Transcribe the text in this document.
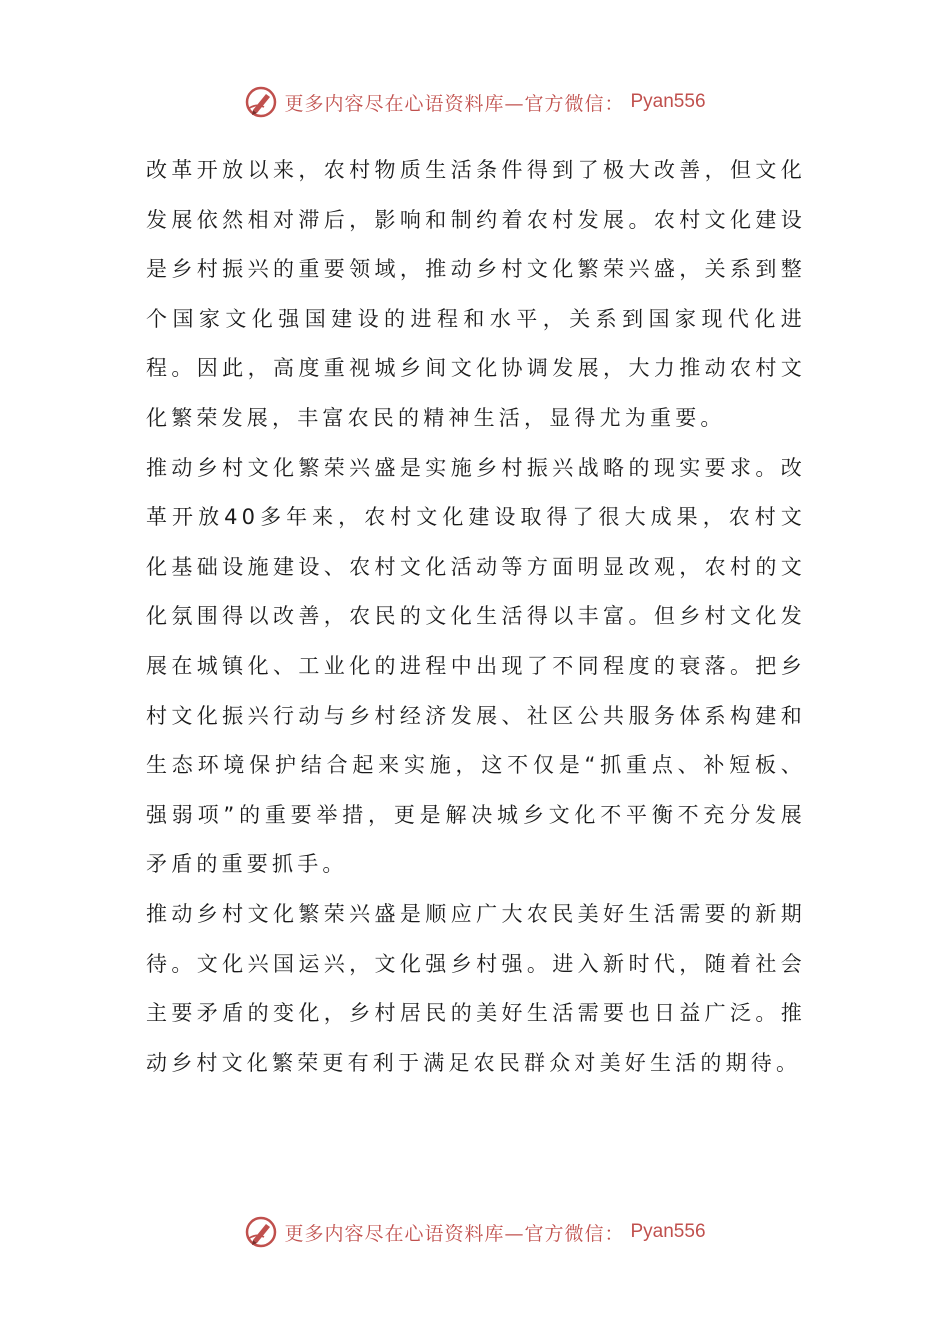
更多内容尽在心语资料库—官方微信： Pyan556

改革开放以来，农村物质生活条件得到了极大改善，但文化发展依然相对滞后，影响和制约着农村发展。农村文化建设是乡村振兴的重要领域，推动乡村文化繁荣兴盛，关系到整个国家文化强国建设的进程和水平，关系到国家现代化进程。因此，高度重视城乡间文化协调发展，大力推动农村文化繁荣发展，丰富农民的精神生活，显得尤为重要。

推动乡村文化繁荣兴盛是实施乡村振兴战略的现实要求。改革开放40多年来，农村文化建设取得了很大成果，农村文化基础设施建设、农村文化活动等方面明显改观，农村的文化氛围得以改善，农民的文化生活得以丰富。但乡村文化发展在城镇化、工业化的进程中出现了不同程度的衰落。把乡村文化振兴行动与乡村经济发展、社区公共服务体系构建和生态环境保护结合起来实施，这不仅是“抓重点、补短板、强弱项”的重要举措，更是解决城乡文化不平衡不充分发展矛盾的重要抓手。

推动乡村文化繁荣兴盛是顺应广大农民美好生活需要的新期待。文化兴国运兴，文化强乡村强。进入新时代，随着社会主要矛盾的变化，乡村居民的美好生活需要也日益广泛。推动乡村文化繁荣更有利于满足农民群众对美好生活的期待。

更多内容尽在心语资料库—官方微信： Pyan556
